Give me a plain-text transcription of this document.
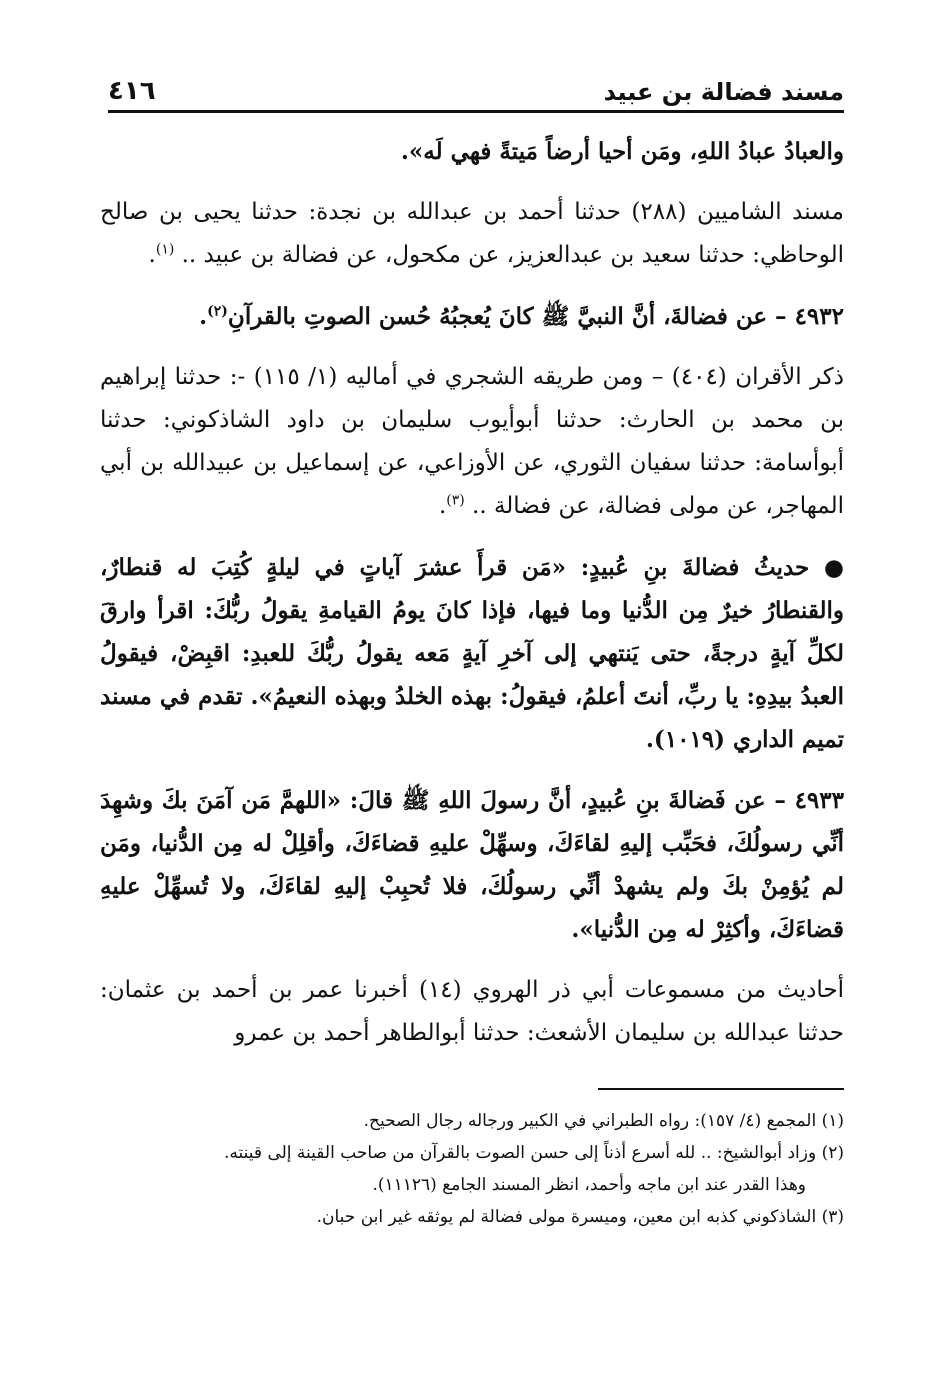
مسند فضالة بن عبيد
٤١٦

والعبادُ عبادُ اللهِ، ومَن أحيا أرضاً مَيتةً فهي لَه».

مسند الشاميين (٢٨٨) حدثنا أحمد بن عبدالله بن نجدة: حدثنا يحيى بن صالح الوحاظي: حدثنا سعيد بن عبدالعزيز، عن مكحول، عن فضالة بن عبيد .. $^{(١)}$.

٤٩٣٢ – عن فضالةَ، أنَّ النبيَّ ﷺ كانَ يُعجبُهُ حُسن الصوتِ بالقرآنِ$^{(٢)}$.

ذكر الأقران (٤٠٤) – ومن طريقه الشجري في أماليه (١/ ١١٥) -: حدثنا إبراهيم بن محمد بن الحارث: حدثنا أبوأيوب سليمان بن داود الشاذكوني: حدثنا أبوأسامة: حدثنا سفيان الثوري، عن الأوزاعي، عن إسماعيل بن عبيدالله بن أبي المهاجر، عن مولى فضالة، عن فضالة .. $^{(٣)}$.

● حديثُ فضالةَ بنِ عُبيدٍ: «مَن قرأَ عشرَ آياتٍ في ليلةٍ كُتِبَ له قنطارٌ، والقنطارُ خيرٌ مِن الدُّنيا وما فيها، فإذا كانَ يومُ القيامةِ يقولُ ربُّكَ: اقرأ وارقَ لكلِّ آيةٍ درجةً، حتى يَنتهي إلى آخرِ آيةٍ مَعه يقولُ ربُّكَ للعبدِ: اقبِضْ، فيقولُ العبدُ بيدِهِ: يا ربِّ، أنتَ أعلمُ، فيقولُ: بهذه الخلدُ وبهذه النعيمُ». تقدم في مسند تميم الداري (١٠١٩).

٤٩٣٣ – عن فَضالةَ بنِ عُبيدٍ، أنَّ رسولَ اللهِ ﷺ قالَ: «اللهمَّ مَن آمَنَ بكَ وشهِدَ أنِّي رسولُكَ، فحَبِّب إليهِ لقاءَكَ، وسهِّلْ عليهِ قضاءَكَ، وأقلِلْ له مِن الدُّنيا، ومَن لم يُؤمِنْ بكَ ولم يشهدْ أنِّي رسولُكَ، فلا تُحبِبْ إليهِ لقاءَكَ، ولا تُسهِّلْ عليهِ قضاءَكَ، وأكثِرْ له مِن الدُّنيا».

أحاديث من مسموعات أبي ذر الهروي (١٤) أخبرنا عمر بن أحمد بن عثمان: حدثنا عبدالله بن سليمان الأشعث: حدثنا أبوالطاهر أحمد بن عمرو

(١) المجمع (٤/ ١٥٧): رواه الطبراني في الكبير ورجاله رجال الصحيح.

(٢) وزاد أبوالشيخ: .. لله أسرع أذناً إلى حسن الصوت بالقرآن من صاحب القينة إلى قينته.

وهذا القدر عند ابن ماجه وأحمد، انظر المسند الجامع (١١١٢٦).

(٣) الشاذكوني كذبه ابن معين، وميسرة مولى فضالة لم يوثقه غير ابن حبان.
